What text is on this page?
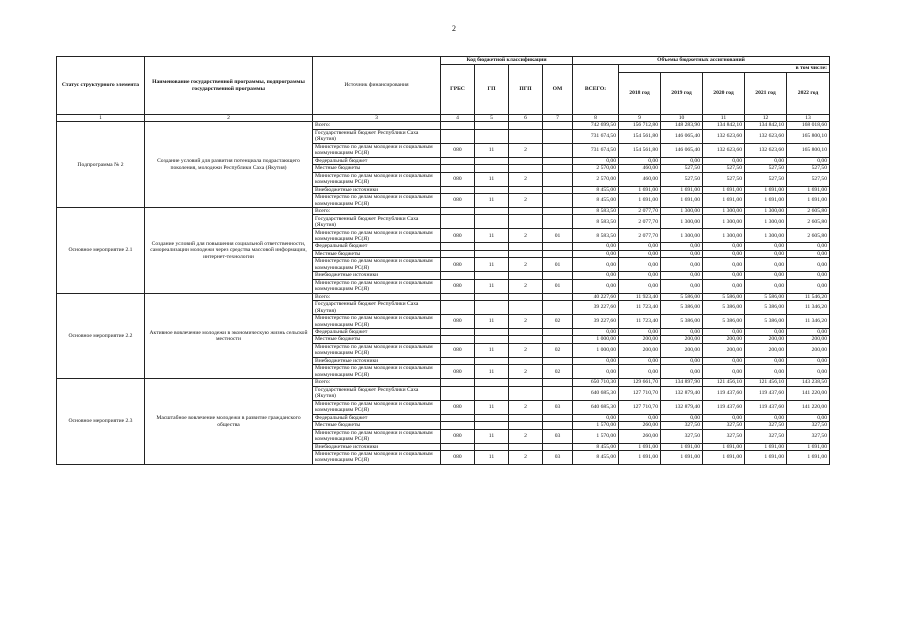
2
Статус структурного элемента	Наименование государственной программы, подпрограммы государственной программы	Источник финансирования	Код бюджетной классификации				Объемы бюджетных ассигнований					
			ГРБС	ГП	ПГП	ОМ	ВСЕГО:	в том числе:				
								2018 год	2019 год	2020 год	2021 год	2022 год
1	2	3	4	5	6	7	8	9	10	11	12	13
Подпрограмма № 2	Создание условий для развития потенциала подрастающего поколения, молодежи Республики Саха (Якутия)	Всего:					742 699,50	156 712,80	148 283,90	134 842,10	134 842,10	168 018,60
		Государственный бюджет Республики Саха (Якутия)					731 674,50	154 561,80	146 065,40	132 623,60	132 623,60	165 800,10
		Министерство по делам молодежи и социальным коммуникациям РС(Я)	080	11	2		731 674,50	154 561,80	146 065,40	132 623,60	132 623,60	165 800,10
		Федеральный бюджет					0,00	0,00	0,00	0,00	0,00	0,00
		Местные бюджеты					2 570,00	460,00	527,50	527,50	527,50	527,50
		Министерство по делам молодежи и социальным коммуникациям РС(Я)	080	11	2		2 570,00	460,00	527,50	527,50	527,50	527,50
		Внебюджетные источники					8 455,00	1 691,00	1 691,00	1 691,00	1 691,00	1 691,00
		Министерство по делам молодежи и социальным коммуникациям РС(Я)	080	11	2		8 455,00	1 691,00	1 691,00	1 691,00	1 691,00	1 691,00
Основное мероприятие 2.1	Создание условий для повышения социальной ответственности, самореализации молодежи через средства массовой информации, интернет-технологии	Всего:					8 583,50	2 077,70	1 300,00	1 300,00	1 300,00	2 605,80
		Государственный бюджет Республики Саха (Якутия)					8 583,50	2 077,70	1 300,00	1 300,00	1 300,00	2 605,80
		Министерство по делам молодежи и социальным коммуникациям РС(Я)	080	11	2	01	8 583,50	2 077,70	1 300,00	1 300,00	1 300,00	2 605,80
		Федеральный бюджет					0,00	0,00	0,00	0,00	0,00	0,00
		Местные бюджеты					0,00	0,00	0,00	0,00	0,00	0,00
		Министерство по делам молодежи и социальным коммуникациям РС(Я)	080	11	2	01	0,00	0,00	0,00	0,00	0,00	0,00
		Внебюджетные источники					0,00	0,00	0,00	0,00	0,00	0,00
		Министерство по делам молодежи и социальным коммуникациям РС(Я)	080	11	2	01	0,00	0,00	0,00	0,00	0,00	0,00
Основное мероприятие 2.2	Активное вовлечение молодежи в экономическую жизнь сельской местности	Всего:					40 227,60	11 923,40	5 586,00	5 586,00	5 586,00	11 546,20
		Государственный бюджет Республики Саха (Якутия)					39 227,60	11 723,40	5 386,00	5 386,00	5 386,00	11 346,20
		Министерство по делам молодежи и социальным коммуникациям РС(Я)	080	11	2	02	39 227,60	11 723,40	5 386,00	5 386,00	5 386,00	11 346,20
		Федеральный бюджет					0,00	0,00	0,00	0,00	0,00	0,00
		Местные бюджеты					1 000,00	200,00	200,00	200,00	200,00	200,00
		Министерство по делам молодежи и социальным коммуникациям РС(Я)	080	11	2	02	1 000,00	200,00	200,00	200,00	200,00	200,00
		Внебюджетные источники					0,00	0,00	0,00	0,00	0,00	0,00
		Министерство по делам молодежи и социальным коммуникациям РС(Я)	080	11	2	02	0,00	0,00	0,00	0,00	0,00	0,00
Основное мероприятие 2.3	Масштабное вовлечение молодежи в развитие гражданского общества	Всего:					650 710,30	129 661,70	134 897,90	121 456,10	121 456,10	143 238,50
		Государственный бюджет Республики Саха (Якутия)					640 685,30	127 710,70	132 879,40	119 437,60	119 437,60	141 220,00
		Министерство по делам молодежи и социальным коммуникациям РС(Я)	080	11	2	03	640 685,30	127 710,70	132 879,40	119 437,60	119 437,60	141 220,00
		Федеральный бюджет					0,00	0,00	0,00	0,00	0,00	0,00
		Местные бюджеты					1 570,00	260,00	327,50	327,50	327,50	327,50
		Министерство по делам молодежи и социальным коммуникациям РС(Я)	080	11	2	03	1 570,00	260,00	327,50	327,50	327,50	327,50
		Внебюджетные источники					8 455,00	1 691,00	1 691,00	1 691,00	1 691,00	1 691,00
		Министерство по делам молодежи и социальным коммуникациям РС(Я)	080	11	2	03	8 455,00	1 691,00	1 691,00	1 691,00	1 691,00	1 691,00
